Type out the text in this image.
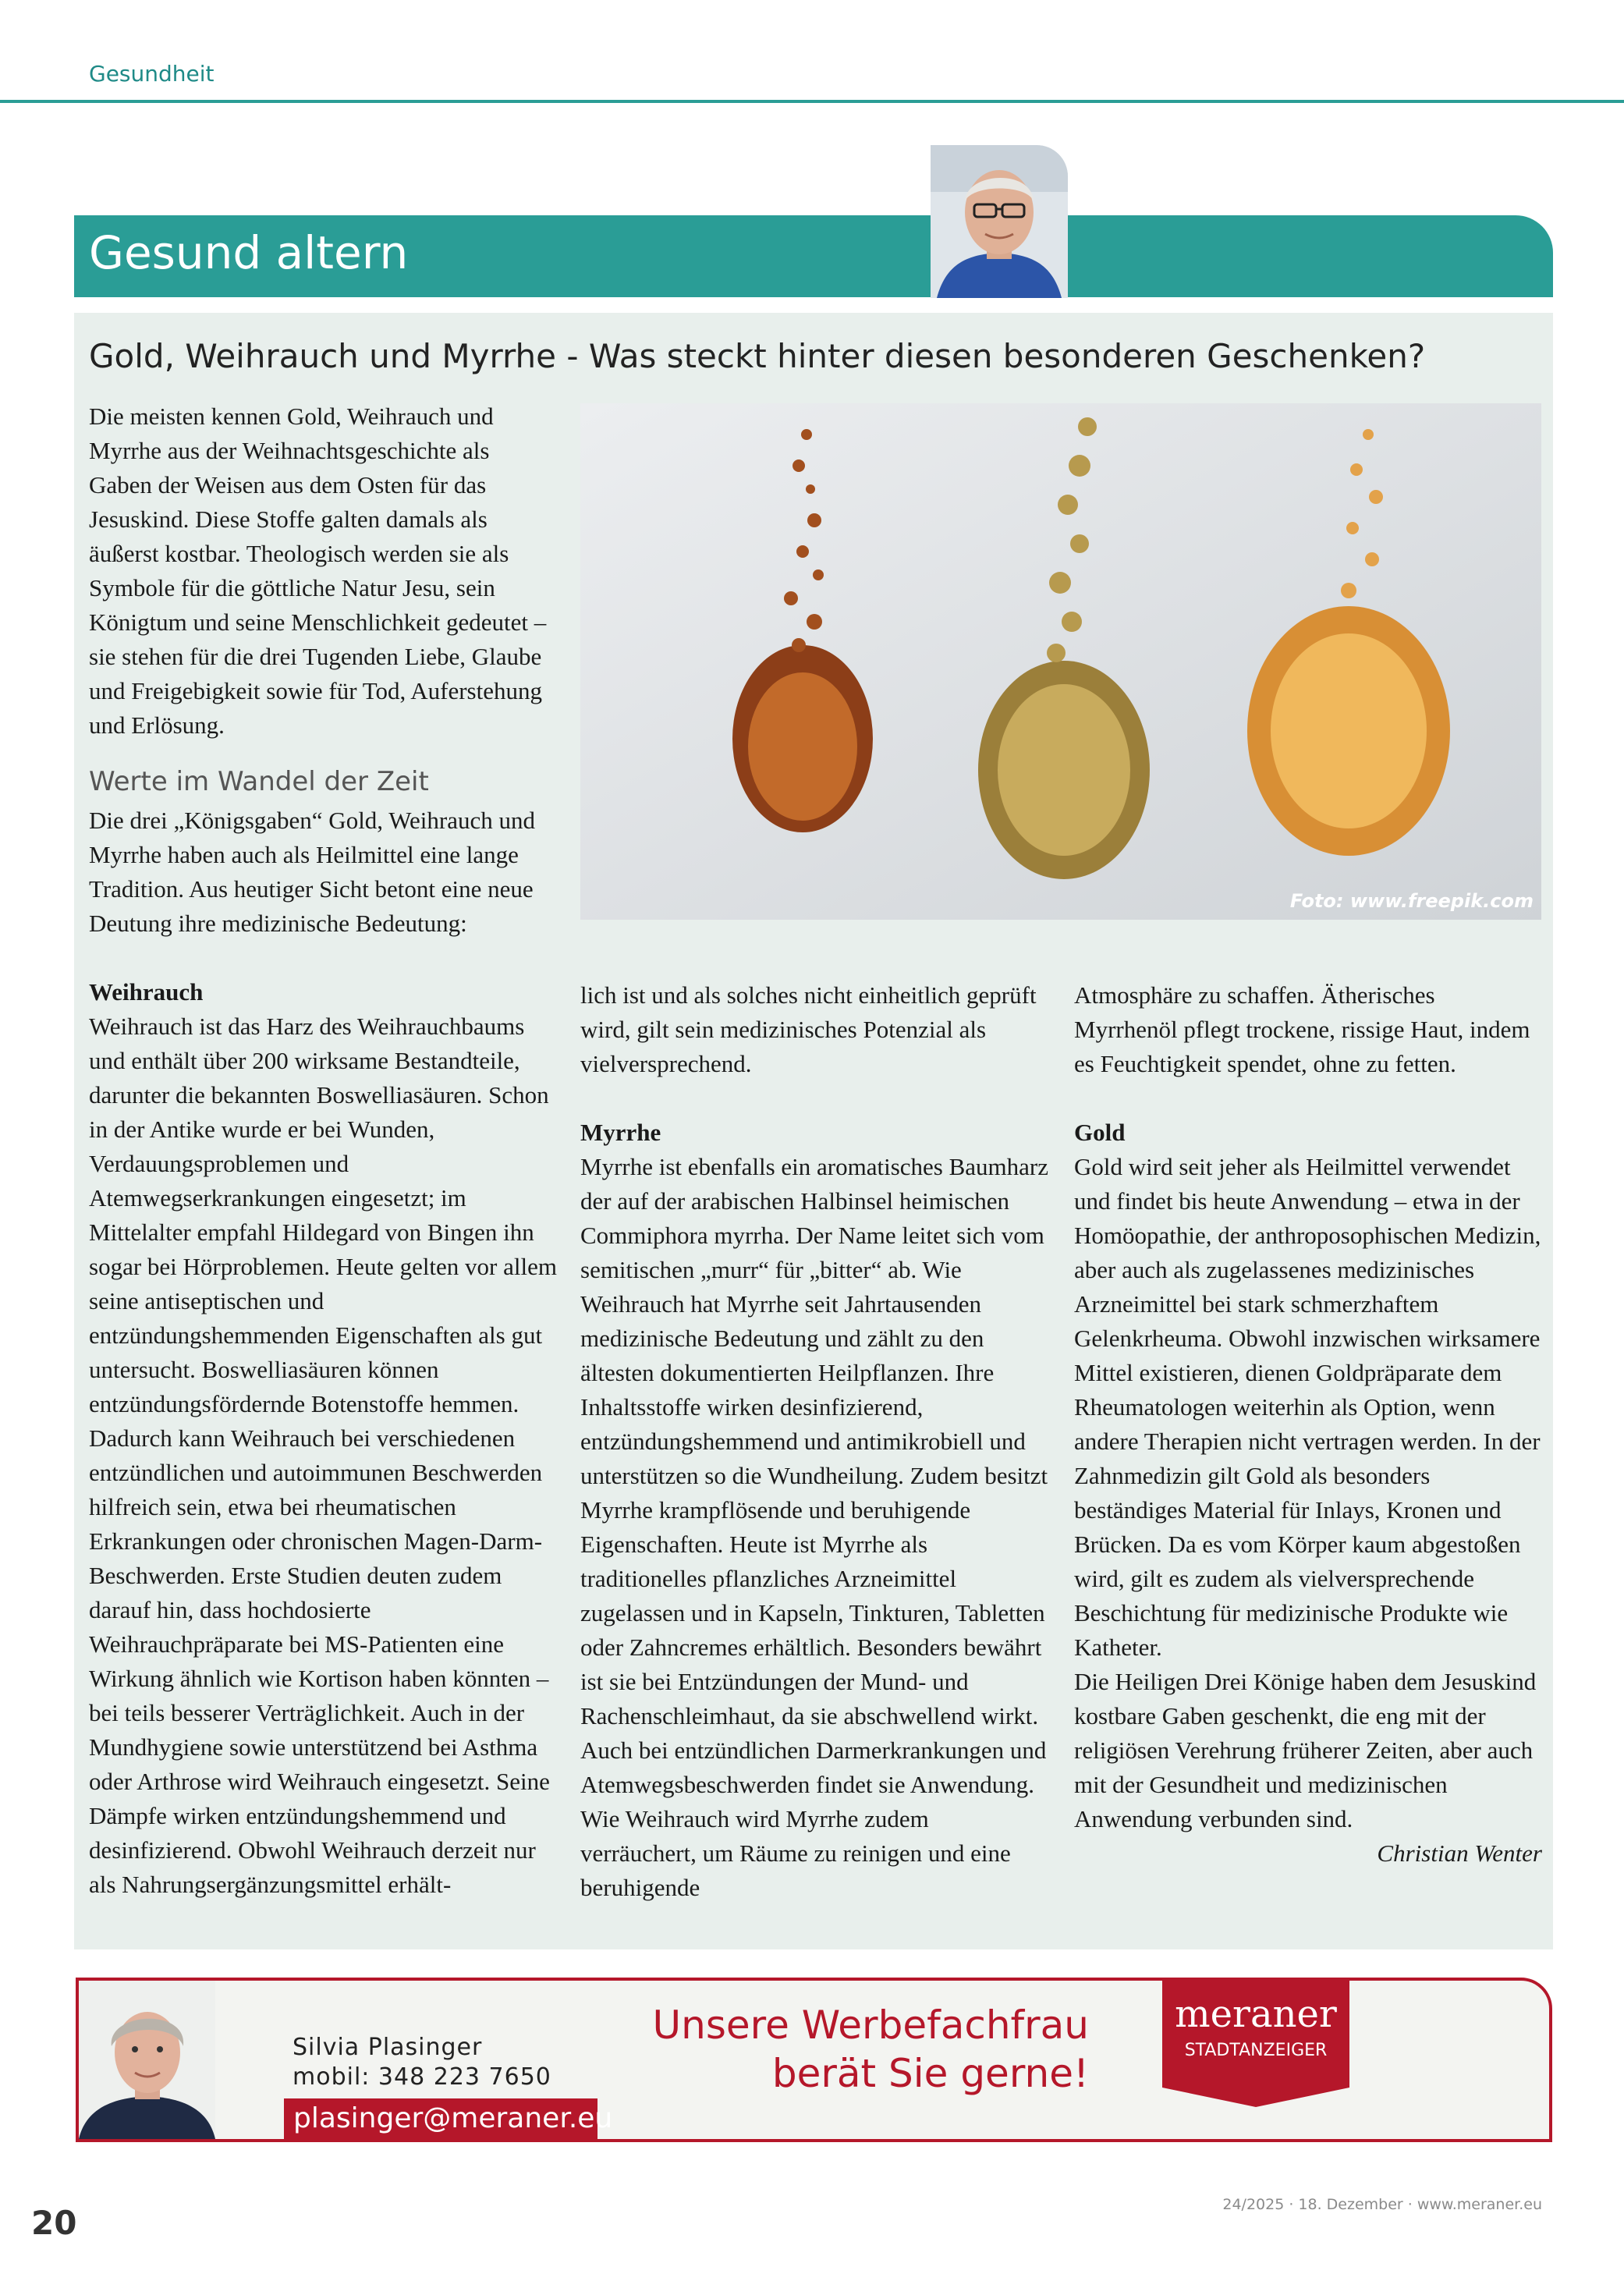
Gesundheit
Gesund altern
Gold, Weihrauch und Myrrhe - Was steckt hinter diesen besonderen Geschenken?

Die meisten kennen Gold, Weihrauch und Myrrhe aus der Weihnachtsgeschichte als Gaben der Weisen aus dem Osten für das Jesuskind. Diese Stoffe galten damals als äußerst kostbar. Theologisch werden sie als Symbole für die göttliche Natur Jesu, sein Königtum und seine Menschlichkeit gedeutet – sie stehen für die drei Tugenden Liebe, Glaube und Freigebigkeit sowie für Tod, Auferstehung und Erlösung.

Werte im Wandel der Zeit

Die drei „Königsgaben“ Gold, Weihrauch und Myrrhe haben auch als Heilmittel eine lange Tradition. Aus heutiger Sicht betont eine neue Deutung ihre medizinische Bedeutung:

Weihrauch

Weihrauch ist das Harz des Weihrauchbaums und enthält über 200 wirksame Bestandteile, darunter die bekannten Boswelliasäuren. Schon in der Antike wurde er bei Wunden, Verdauungsproblemen und Atemwegserkrankungen eingesetzt; im Mittelalter empfahl Hildegard von Bingen ihn sogar bei Hörproblemen. Heute gelten vor allem seine antiseptischen und entzündungshemmenden Eigenschaften als gut untersucht. Boswelliasäuren können entzündungsfördernde Botenstoffe hemmen. Dadurch kann Weihrauch bei verschiedenen entzündlichen und autoimmunen Beschwerden hilfreich sein, etwa bei rheumatischen Erkrankungen oder chronischen Magen-Darm-Beschwerden. Erste Studien deuten zudem darauf hin, dass hochdosierte Weihrauchpräparate bei MS-Patienten eine Wirkung ähnlich wie Kortison haben könnten – bei teils besserer Verträglichkeit. Auch in der Mundhygiene sowie unterstützend bei Asthma oder Arthrose wird Weihrauch eingesetzt. Seine Dämpfe wirken entzündungshemmend und desinfizierend. Obwohl Weihrauch derzeit nur als Nahrungsergänzungsmittel erhält-

Foto: www.freepik.com

lich ist und als solches nicht einheitlich geprüft wird, gilt sein medizinisches Potenzial als vielversprechend.

Myrrhe

Myrrhe ist ebenfalls ein aromatisches Baumharz der auf der arabischen Halbinsel heimischen Commiphora myrrha. Der Name leitet sich vom semitischen „murr“ für „bitter“ ab. Wie Weihrauch hat Myrrhe seit Jahrtausenden medizinische Bedeutung und zählt zu den ältesten dokumentierten Heilpflanzen. Ihre Inhaltsstoffe wirken desinfizierend, entzündungshemmend und antimikrobiell und unterstützen so die Wundheilung. Zudem besitzt Myrrhe krampflösende und beruhigende Eigenschaften. Heute ist Myrrhe als traditionelles pflanzliches Arzneimittel zugelassen und in Kapseln, Tinkturen, Tabletten oder Zahncremes erhältlich. Besonders bewährt ist sie bei Entzündungen der Mund- und Rachenschleimhaut, da sie abschwellend wirkt. Auch bei entzündlichen Darmerkrankungen und Atemwegsbeschwerden findet sie Anwendung. Wie Weihrauch wird Myrrhe zudem verräuchert, um Räume zu reinigen und eine beruhigende

Atmosphäre zu schaffen. Ätherisches Myrrhenöl pflegt trockene, rissige Haut, indem es Feuchtigkeit spendet, ohne zu fetten.

Gold

Gold wird seit jeher als Heilmittel verwendet und findet bis heute Anwendung – etwa in der Homöopathie, der anthroposophischen Medizin, aber auch als zugelassenes medizinisches Arzneimittel bei stark schmerzhaftem Gelenkrheuma. Obwohl inzwischen wirksamere Mittel existieren, dienen Goldpräparate dem Rheumatologen weiterhin als Option, wenn andere Therapien nicht vertragen werden. In der Zahnmedizin gilt Gold als besonders beständiges Material für Inlays, Kronen und Brücken. Da es vom Körper kaum abgestoßen wird, gilt es zudem als vielversprechende Beschichtung für medizinische Produkte wie Katheter.

Die Heiligen Drei Könige haben dem Jesuskind kostbare Gaben geschenkt, die eng mit der religiösen Verehrung früherer Zeiten, aber auch mit der Gesundheit und medizinischen Anwendung verbunden sind.

Christian Wenter

Silvia Plasinger
mobil: 348 223 7650
plasinger@meraner.eu
Unsere Werbefachfrau
berät Sie gerne!
meraner
STADTANZEIGER
20	24/2025 · 18. Dezember · www.meraner.eu
